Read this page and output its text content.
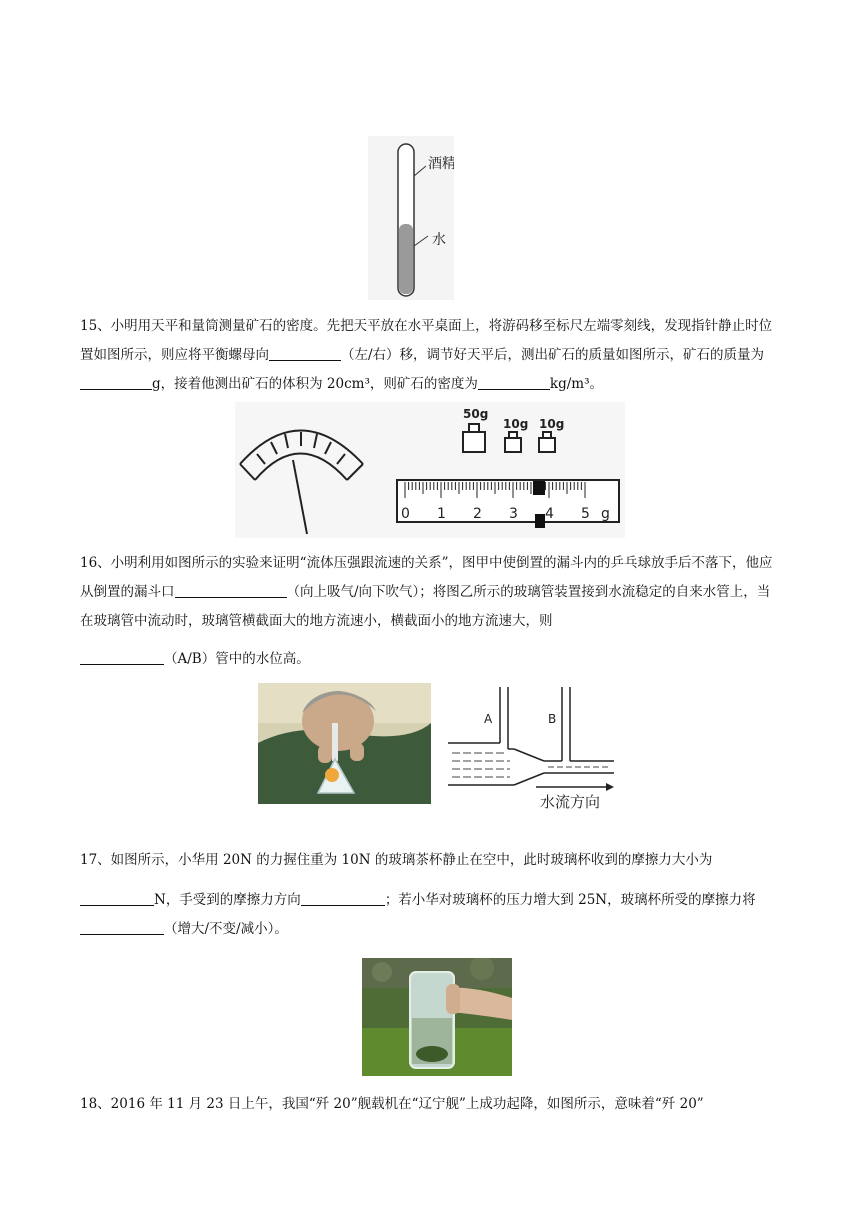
酒精
水
15、小明用天平和量筒测量矿石的密度。先把天平放在水平桌面上，将游码移至标尺左端零刻线，发现指针静止时位置如图所示，则应将平衡螺母向	（左/右）移，调节好天平后，测出矿石的质量如图所示，矿石的质量为g，接着他测出矿石的体积为 20cm³，则矿石的密度为	kg/m³。
50g
10g 10g
0 1 2 3 4 5 g
16、小明利用如图所示的实验来证明“流体压强跟流速的关系”，图甲中使倒置的漏斗内的乒乓球放手后不落下，他应从倒置的漏斗口	（向上吸气/向下吹气）；将图乙所示的玻璃管装置接到水流稳定的自来水管上，当在玻璃管中流动时，玻璃管横截面大的地方流速小，横截面小的地方流速大，则
（A/B）管中的水位高。
A	B
水流方向
17、如图所示，小华用 20N 的力握住重为 10N 的玻璃茶杯静止在空中，此时玻璃杯收到的摩擦力大小为
N，手受到的摩擦力方向	；若小华对玻璃杯的压力增大到 25N，玻璃杯所受的摩擦力将（增大/不变/减小）。
18、2016 年 11 月 23 日上午，我国“歼 20”舰载机在“辽宁舰”上成功起降，如图所示，意味着“歼 20”
